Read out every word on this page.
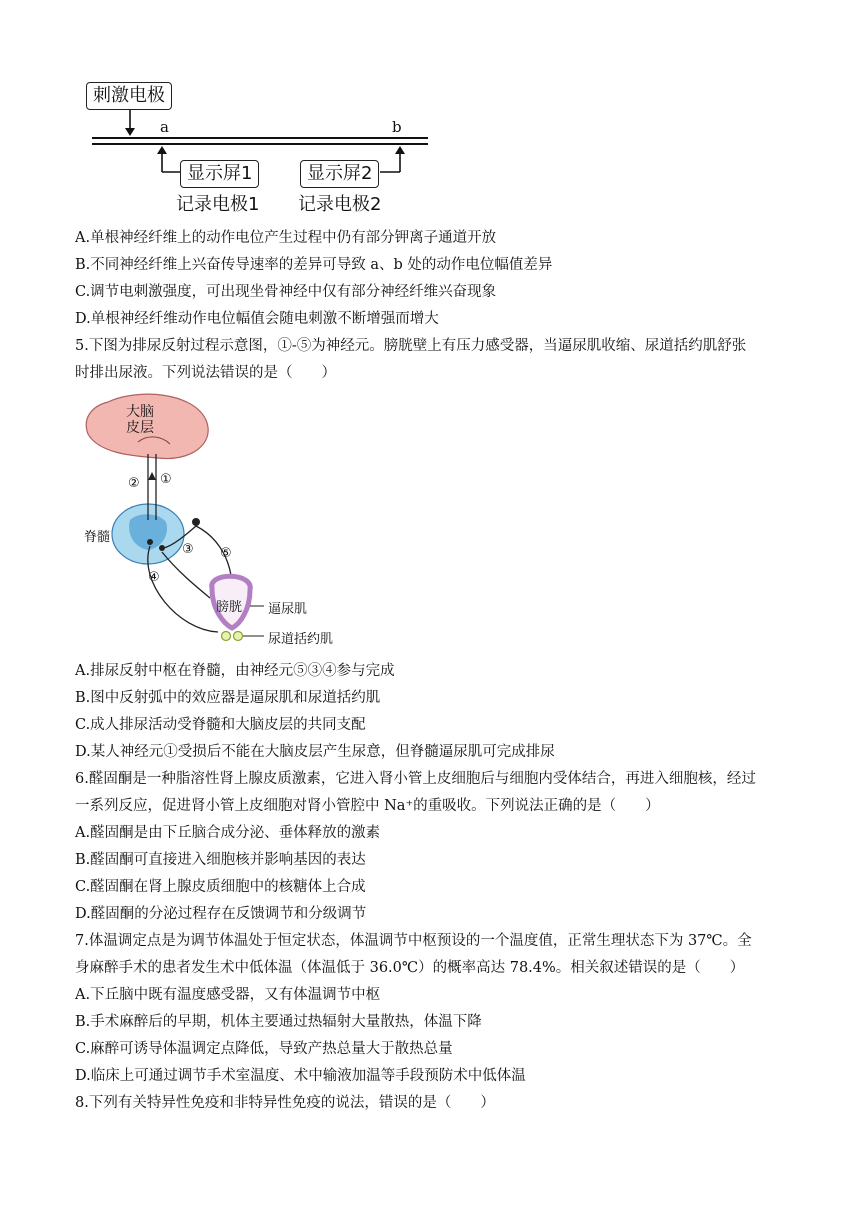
刺激电极
a	b
显示屏1	显示屏2
记录电极1 记录电极2
A.单根神经纤维上的动作电位产生过程中仍有部分钾离子通道开放
B.不同神经纤维上兴奋传导速率的差异可导致 a、b 处的动作电位幅值差异
C.调节电刺激强度，可出现坐骨神经中仅有部分神经纤维兴奋现象
D.单根神经纤维动作电位幅值会随电刺激不断增强而增大
5.下图为排尿反射过程示意图，①-⑤为神经元。膀胱壁上有压力感受器，当逼尿肌收缩、尿道括约肌舒张
时排出尿液。下列说法错误的是（　　）
大脑
皮层
② ①
脊髓
③ ⑤
④
膀胱 逼尿肌
尿道括约肌
A.排尿反射中枢在脊髓，由神经元⑤③④参与完成
B.图中反射弧中的效应器是逼尿肌和尿道括约肌
C.成人排尿活动受脊髓和大脑皮层的共同支配
D.某人神经元①受损后不能在大脑皮层产生尿意，但脊髓逼尿肌可完成排尿
6.醛固酮是一种脂溶性肾上腺皮质激素，它进入肾小管上皮细胞后与细胞内受体结合，再进入细胞核，经过
一系列反应，促进肾小管上皮细胞对肾小管腔中 Na⁺的重吸收。下列说法正确的是（　　）
A.醛固酮是由下丘脑合成分泌、垂体释放的激素
B.醛固酮可直接进入细胞核并影响基因的表达
C.醛固酮在肾上腺皮质细胞中的核糖体上合成
D.醛固酮的分泌过程存在反馈调节和分级调节
7.体温调定点是为调节体温处于恒定状态，体温调节中枢预设的一个温度值，正常生理状态下为 37℃。全
身麻醉手术的患者发生术中低体温（体温低于 36.0℃）的概率高达 78.4%。相关叙述错误的是（　　）
A.下丘脑中既有温度感受器，又有体温调节中枢
B.手术麻醉后的早期，机体主要通过热辐射大量散热，体温下降
C.麻醉可诱导体温调定点降低，导致产热总量大于散热总量
D.临床上可通过调节手术室温度、术中输液加温等手段预防术中低体温
8.下列有关特异性免疫和非特异性免疫的说法，错误的是（　　）
